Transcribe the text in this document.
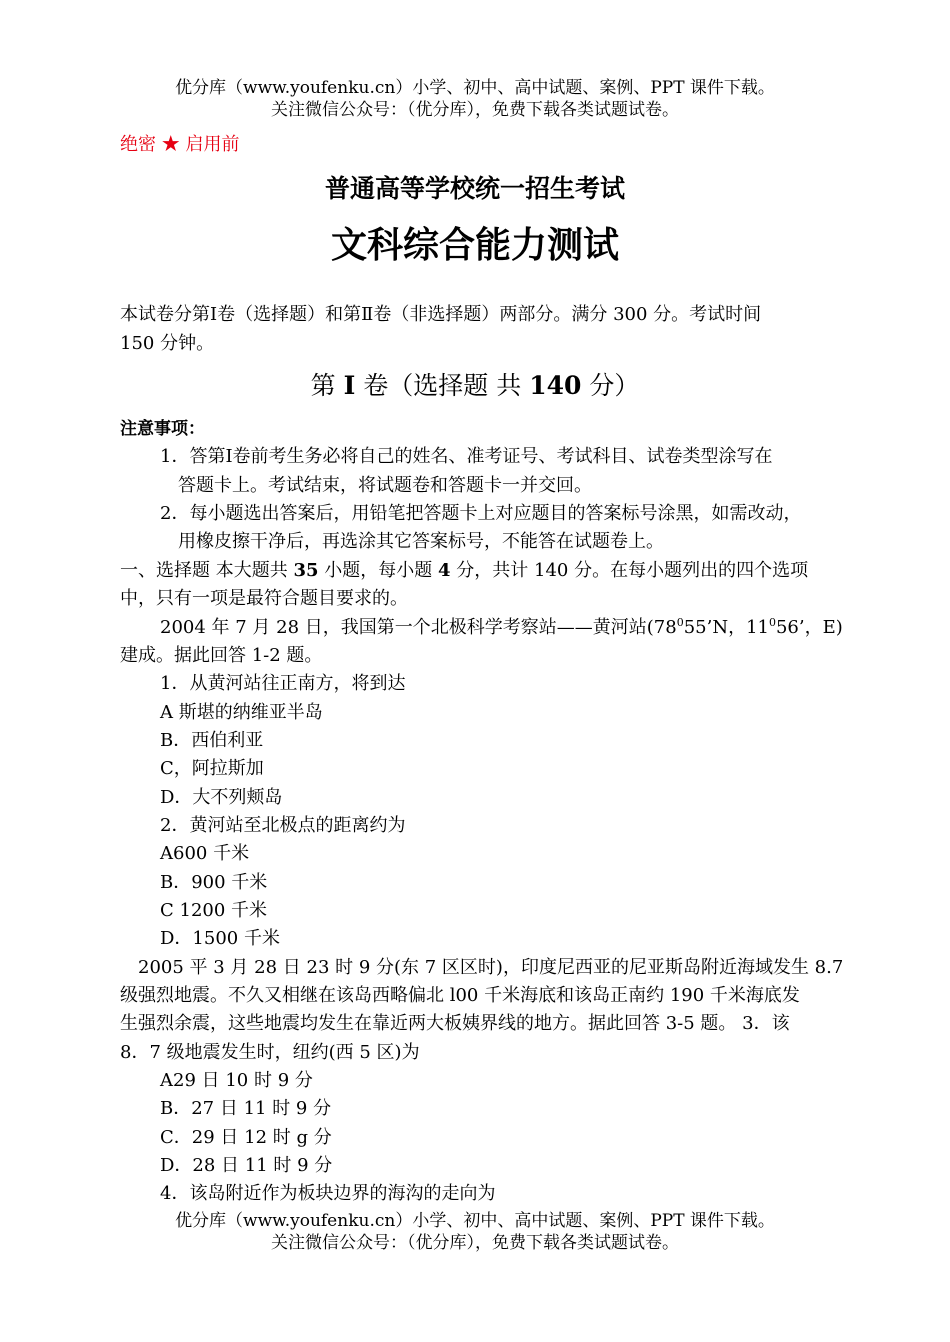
优分库（www.youfenku.cn）小学、初中、高中试题、案例、PPT 课件下载。
关注微信公众号：（优分库），免费下载各类试题试卷。
绝密 ★ 启用前
普通高等学校统一招生考试
文科综合能力测试
本试卷分第Ⅰ卷（选择题）和第Ⅱ卷（非选择题）两部分。满分 300 分。考试时间
150 分钟。
第 I 卷（选择题 共 140 分）
注意事项：
1．答第Ⅰ卷前考生务必将自己的姓名、准考证号、考试科目、试卷类型涂写在
答题卡上。考试结束，将试题卷和答题卡一并交回。
2．每小题选出答案后，用铅笔把答题卡上对应题目的答案标号涂黑，如需改动，
用橡皮擦干净后，再选涂其它答案标号，不能答在试题卷上。
一、选择题 本大题共 35 小题，每小题 4 分，共计 140 分。在每小题列出的四个选项
中，只有一项是最符合题目要求的。
2004 年 7 月 28 日，我国第一个北极科学考察站——黄河站($78^055’N$，$11^056$’，E)
建成。据此回答 1-2 题。
1．从黄河站往正南方，将到达
A 斯堪的纳维亚半岛
B．西伯利亚
C，阿拉斯加
D．大不列颊岛
2．黄河站至北极点的距离约为
A600 千米
B．900 千米
C 1200 千米
D．1500 千米
2005 平 3 月 28 日 23 时 9 分(东 7 区区时)，印度尼西亚的尼亚斯岛附近海域发生 8.7
级强烈地震。不久又相继在该岛西略偏北 l00 千米海底和该岛正南约 190 千米海底发
生强烈余震，这些地震均发生在靠近两大板姨界线的地方。据此回答 3-5 题。 3．该
8．7 级地震发生时，纽约(西 5 区)为
A29 日 10 时 9 分
B．27 日 11 时 9 分
C．29 日 12 时 g 分
D．28 日 11 时 9 分
4．该岛附近作为板块边界的海沟的走向为
优分库（www.youfenku.cn）小学、初中、高中试题、案例、PPT 课件下载。
关注微信公众号：（优分库），免费下载各类试题试卷。
